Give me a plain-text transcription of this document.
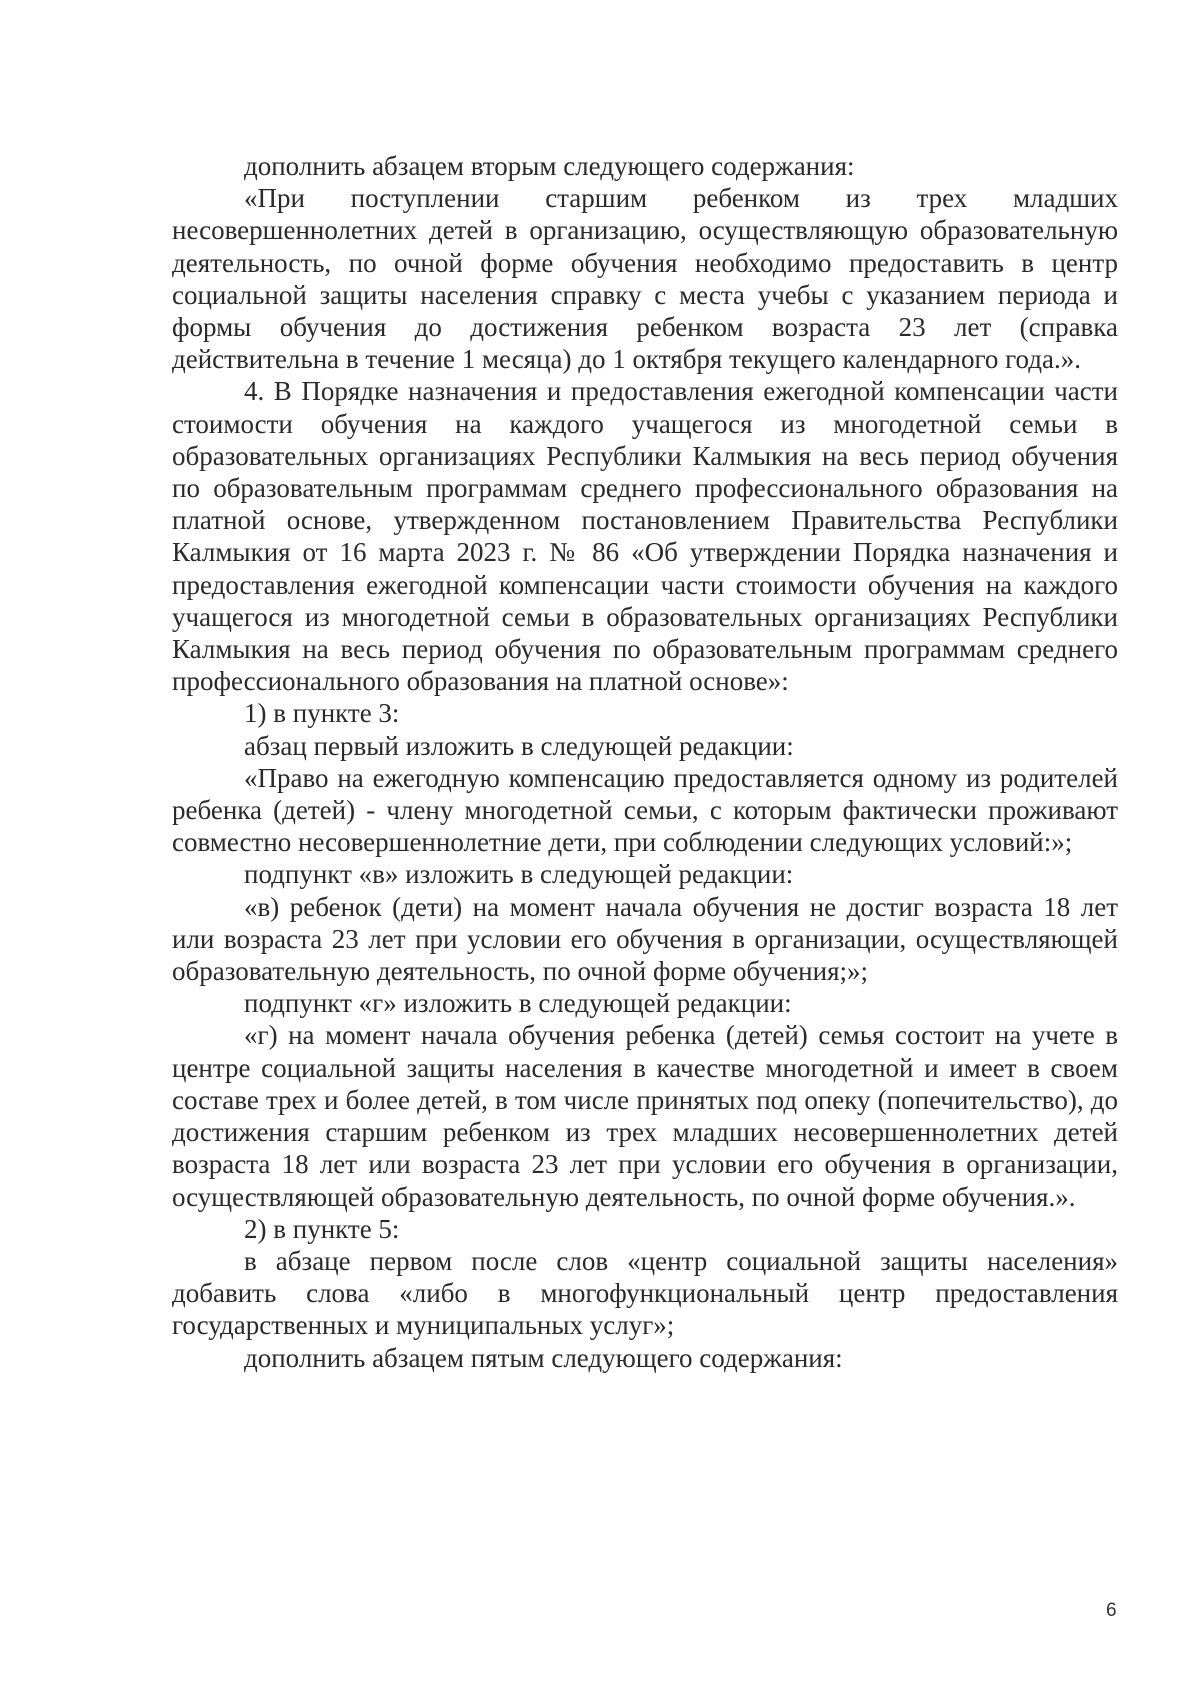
дополнить абзацем вторым следующего содержания:

«При поступлении старшим ребенком из трех младших несовершеннолетних детей в организацию, осуществляющую образовательную деятельность, по очной форме обучения необходимо предоставить в центр социальной защиты населения справку с места учебы с указанием периода и формы обучения до достижения ребенком возраста 23 лет (справка действительна в течение 1 месяца) до 1 октября текущего календарного года.».

4. В Порядке назначения и предоставления ежегодной компенсации части стоимости обучения на каждого учащегося из многодетной семьи в образовательных организациях Республики Калмыкия на весь период обучения по образовательным программам среднего профессионального образования на платной основе, утвержденном постановлением Правительства Республики Калмыкия от 16 марта 2023 г. № 86 «Об утверждении Порядка назначения и предоставления ежегодной компенсации части стоимости обучения на каждого учащегося из многодетной семьи в образовательных организациях Республики Калмыкия на весь период обучения по образовательным программам среднего профессионального образования на платной основе»:

1) в пункте 3:

абзац первый изложить в следующей редакции:

«Право на ежегодную компенсацию предоставляется одному из родителей ребенка (детей) - члену многодетной семьи, с которым фактически проживают совместно несовершеннолетние дети, при соблюдении следующих условий:»;

подпункт «в» изложить в следующей редакции:

«в) ребенок (дети) на момент начала обучения не достиг возраста 18 лет или возраста 23 лет при условии его обучения в организации, осуществляющей образовательную деятельность, по очной форме обучения;»;

подпункт «г» изложить в следующей редакции:

«г) на момент начала обучения ребенка (детей) семья состоит на учете в центре социальной защиты населения в качестве многодетной и имеет в своем составе трех и более детей, в том числе принятых под опеку (попечительство), до достижения старшим ребенком из трех младших несовершеннолетних детей возраста 18 лет или возраста 23 лет при условии его обучения в организации, осуществляющей образовательную деятельность, по очной форме обучения.».

2) в пункте 5:

в абзаце первом после слов «центр социальной защиты населения» добавить слова «либо в многофункциональный центр предоставления государственных и муниципальных услуг»;

дополнить абзацем пятым следующего содержания:

6
